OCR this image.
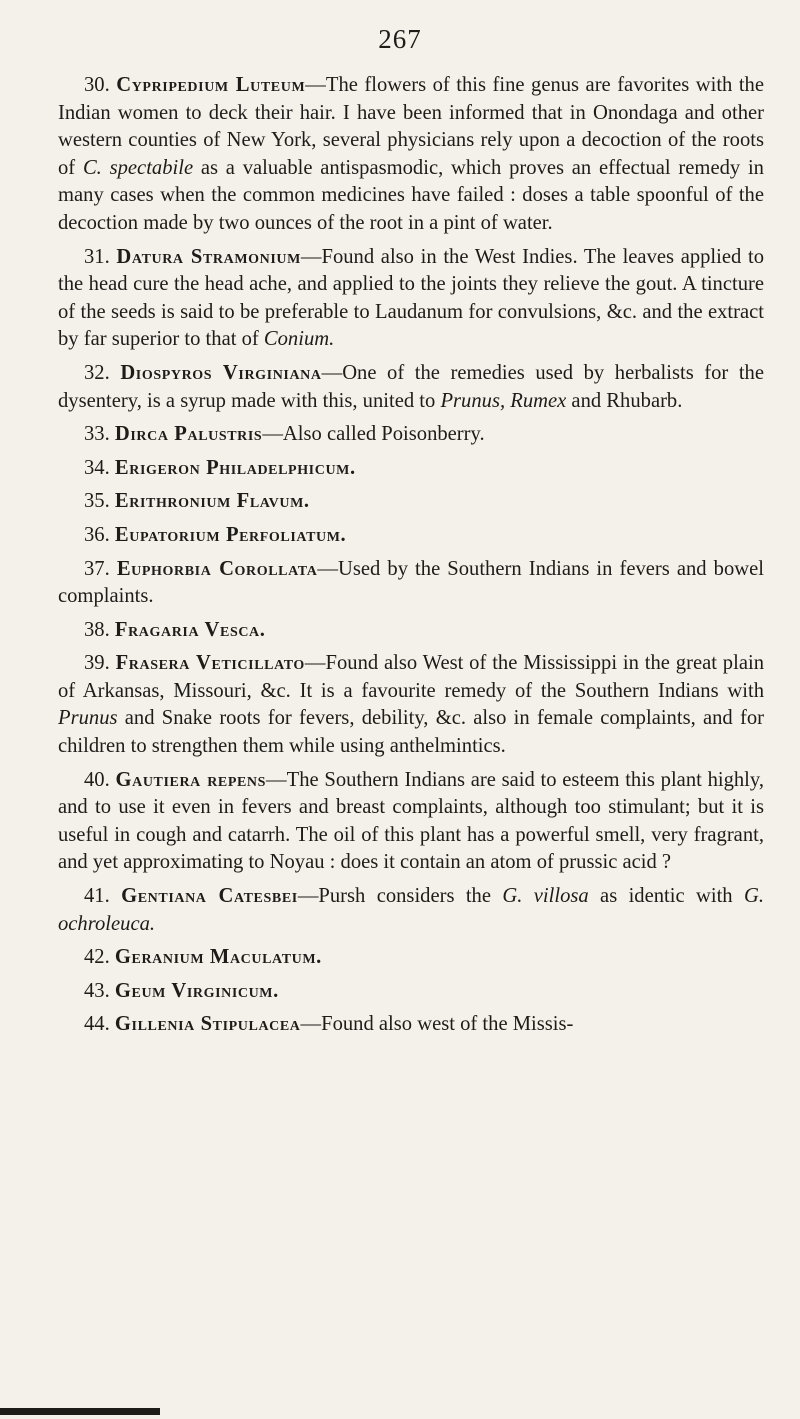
267

30. Cypripedium Luteum—The flowers of this fine genus are favorites with the Indian women to deck their hair. I have been informed that in Onondaga and other western counties of New York, several physicians rely upon a decoction of the roots of C. spectabile as a valuable antispasmodic, which proves an effectual remedy in many cases when the common medicines have failed : doses a table spoonful of the decoction made by two ounces of the root in a pint of water.

31. Datura Stramonium—Found also in the West Indies. The leaves applied to the head cure the head ache, and applied to the joints they relieve the gout. A tincture of the seeds is said to be preferable to Laudanum for convulsions, &c. and the extract by far superior to that of Conium.

32. Diospyros Virginiana—One of the remedies used by herbalists for the dysentery, is a syrup made with this, united to Prunus, Rumex and Rhubarb.

33. Dirca Palustris—Also called Poisonberry.

34. Erigeron Philadelphicum.

35. Erithronium Flavum.

36. Eupatorium Perfoliatum.

37. Euphorbia Corollata—Used by the Southern Indians in fevers and bowel complaints.

38. Fragaria Vesca.

39. Frasera Veticillato—Found also West of the Mississippi in the great plain of Arkansas, Missouri, &c. It is a favourite remedy of the Southern Indians with Prunus and Snake roots for fevers, debility, &c. also in female complaints, and for children to strengthen them while using anthelmintics.

40. Gautiera repens—The Southern Indians are said to esteem this plant highly, and to use it even in fevers and breast complaints, although too stimulant; but it is useful in cough and catarrh. The oil of this plant has a powerful smell, very fragrant, and yet approximating to Noyau : does it contain an atom of prussic acid ?

41. Gentiana Catesbei—Pursh considers the G. villosa as identic with G. ochroleuca.

42. Geranium Maculatum.

43. Geum Virginicum.

44. Gillenia Stipulacea—Found also west of the Missis-
